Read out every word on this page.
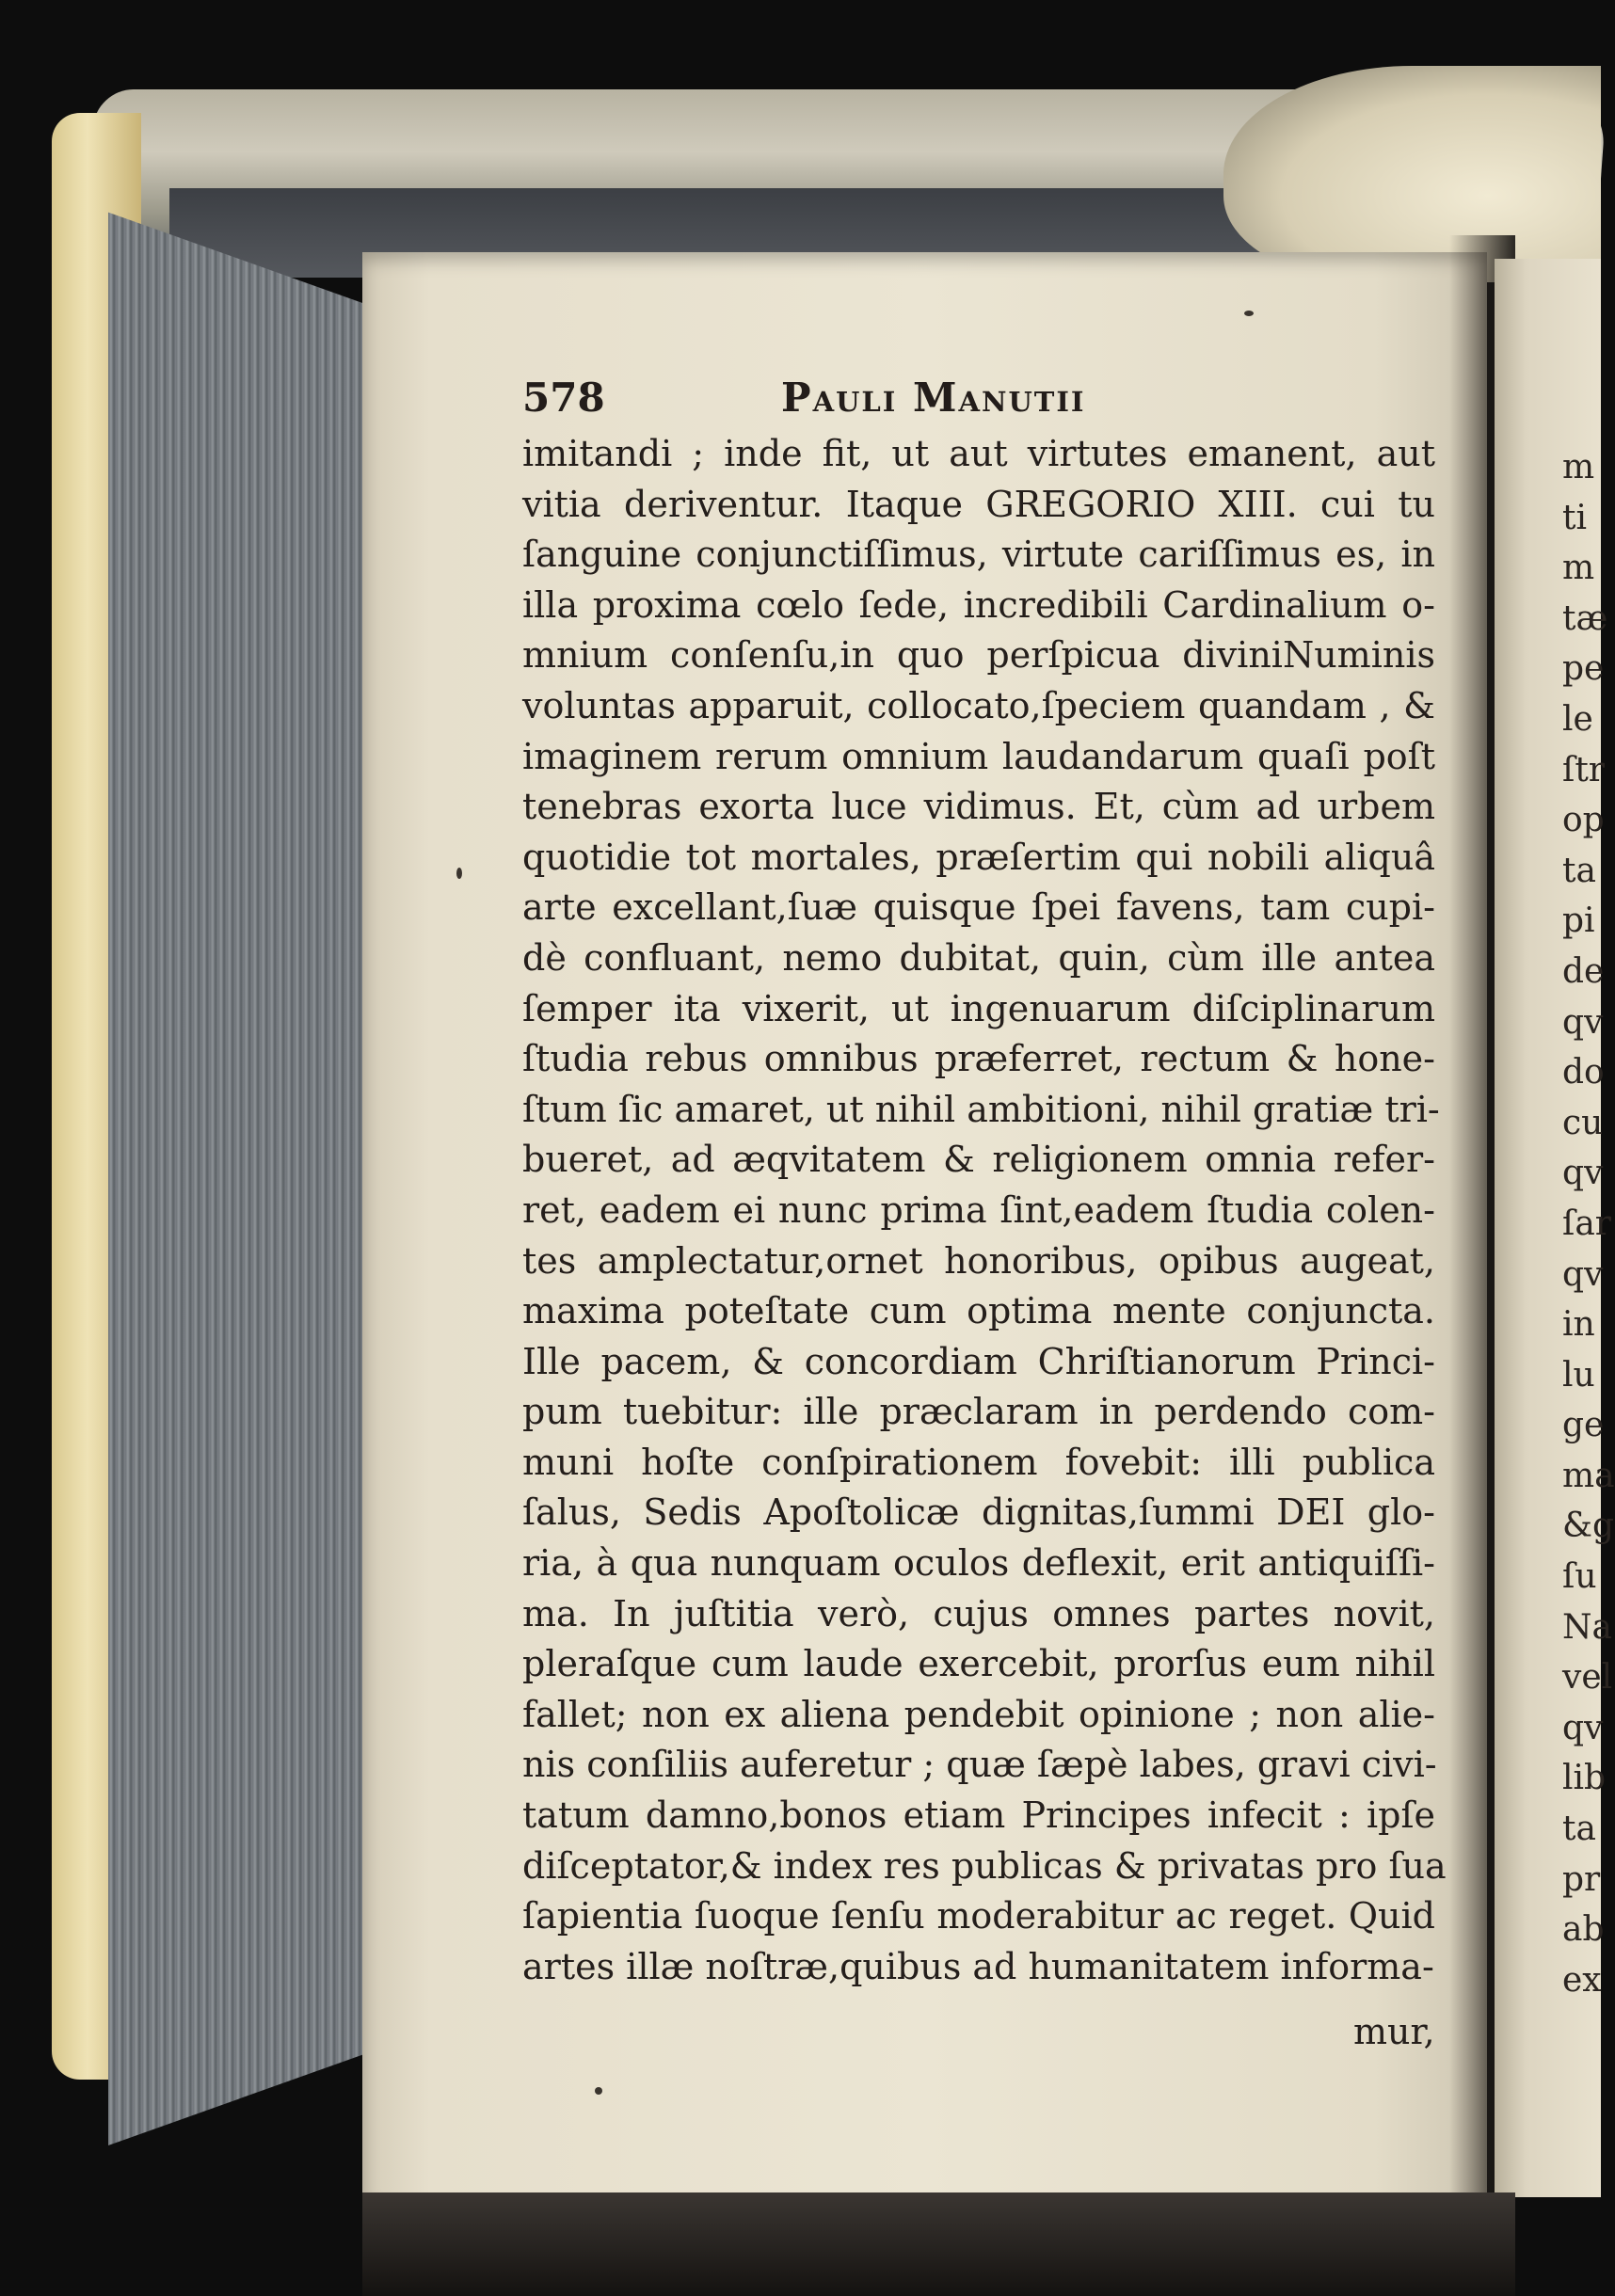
578	Pauli Manutii
imitandi ; inde fit, ut aut virtutes emanent, aut
vitia deriventur. Itaque GREGORIO XIII. cui tu
ſanguine conjunctiſſimus, virtute cariſſimus es, in
illa proxima cœlo ſede, incredibili Cardinalium o-
mnium conſenſu,in quo perſpicua diviniNuminis
voluntas apparuit, collocato,ſpeciem quandam , &
imaginem rerum omnium laudandarum quaſi poſt
tenebras exorta luce vidimus. Et, cùm ad urbem
quotidie tot mortales, præſertim qui nobili aliquâ
arte excellant,ſuæ quisque ſpei favens, tam cupi-
dè confluant, nemo dubitat, quin, cùm ille antea
ſemper ita vixerit, ut ingenuarum diſciplinarum
ſtudia rebus omnibus præferret, rectum & hone-
ſtum ſic amaret, ut nihil ambitioni, nihil gratiæ tri-
bueret, ad æqvitatem & religionem omnia refer-
ret, eadem ei nunc prima ſint,eadem ſtudia colen-
tes amplectatur,ornet honoribus, opibus augeat,
maxima poteſtate cum optima mente conjuncta.
Ille pacem, & concordiam Chriſtianorum Princi-
pum tuebitur: ille præclaram in perdendo com-
muni hoſte conſpirationem fovebit: illi publica
ſalus, Sedis Apoſtolicæ dignitas,ſummi DEI glo-
ria, à qua nunquam oculos deflexit, erit antiquiſſi-
ma. In juſtitia verò, cujus omnes partes novit,
pleraſque cum laude exercebit, prorſus eum nihil
fallet; non ex aliena pendebit opinione ; non alie-
nis conſiliis auferetur ; quæ ſæpè labes, gravi civi-
tatum damno,bonos etiam Principes infecit : ipſe
diſceptator,& index res publicas & privatas pro ſua
ſapientia ſuoque ſenſu moderabitur ac reget. Quid
artes illæ noſtræ,quibus ad humanitatem informa-
mur,
m
ti
m
tæ
pe
le
ſtr
op
ta
pi
de
qv
do
cu
qv
ſar
qv
in
lu
ge
ma
&g
ſu
Na
vel
qv
lib
ta
pr
ab
ex
